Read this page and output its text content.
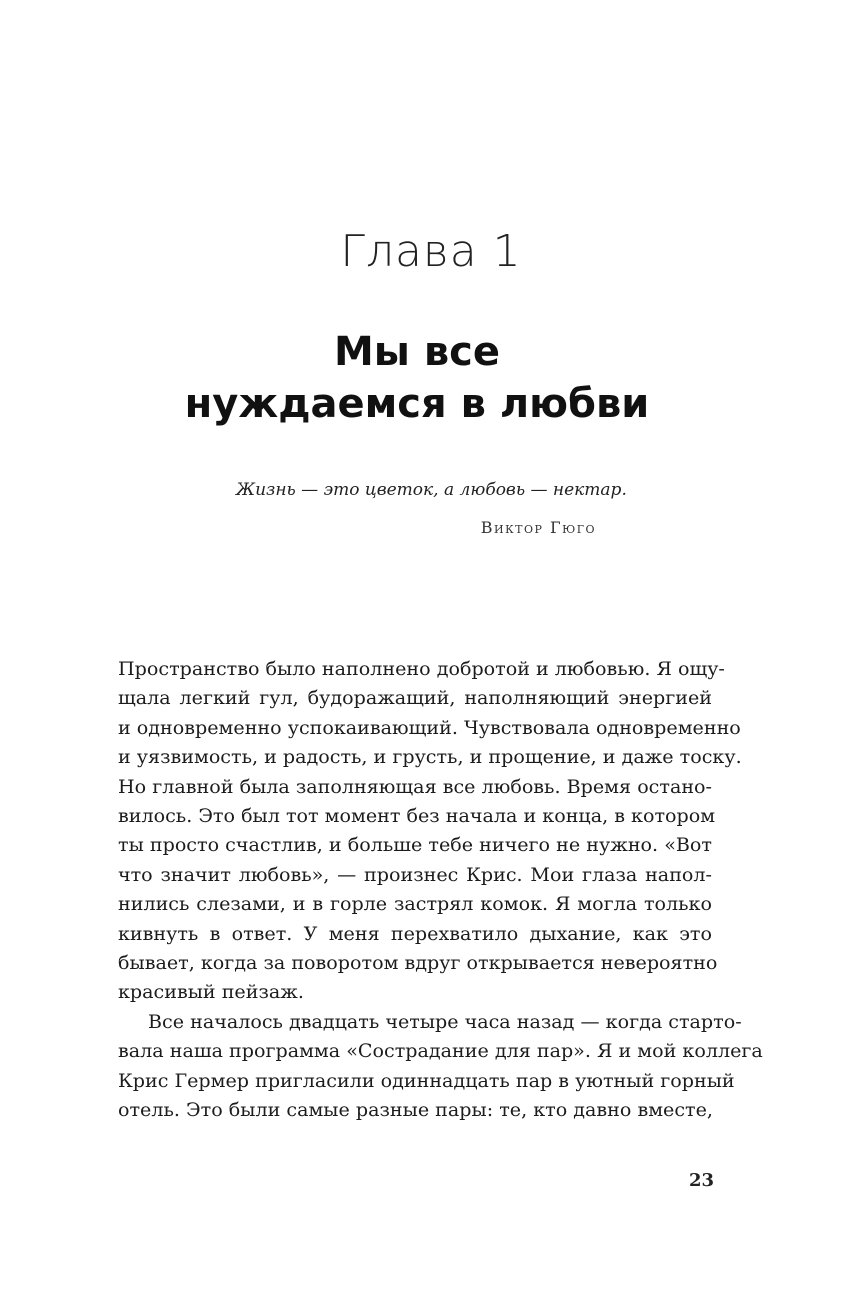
Глава 1
Мы все
нуждаемся в любви
Жизнь — это цветок, а любовь — нектар.
Виктор Гюго
Пространство было наполнено добротой и любовью. Я ощу-
щала легкий гул, будоражащий, наполняющий энергией
и одновременно успокаивающий. Чувствовала одновременно
и уязвимость, и радость, и грусть, и прощение, и даже тоску.
Но главной была заполняющая все любовь. Время остано-
вилось. Это был тот момент без начала и конца, в котором
ты просто счастлив, и больше тебе ничего не нужно. «Вот
что значит любовь», — произнес Крис. Мои глаза напол-
нились слезами, и в горле застрял комок. Я могла только
кивнуть в ответ. У меня перехватило дыхание, как это
бывает, когда за поворотом вдруг открывается невероятно
красивый пейзаж.
Все началось двадцать четыре часа назад — когда старто-
вала наша программа «Сострадание для пар». Я и мой коллега
Крис Гермер пригласили одиннадцать пар в уютный горный
отель. Это были самые разные пары: те, кто давно вместе,
23
